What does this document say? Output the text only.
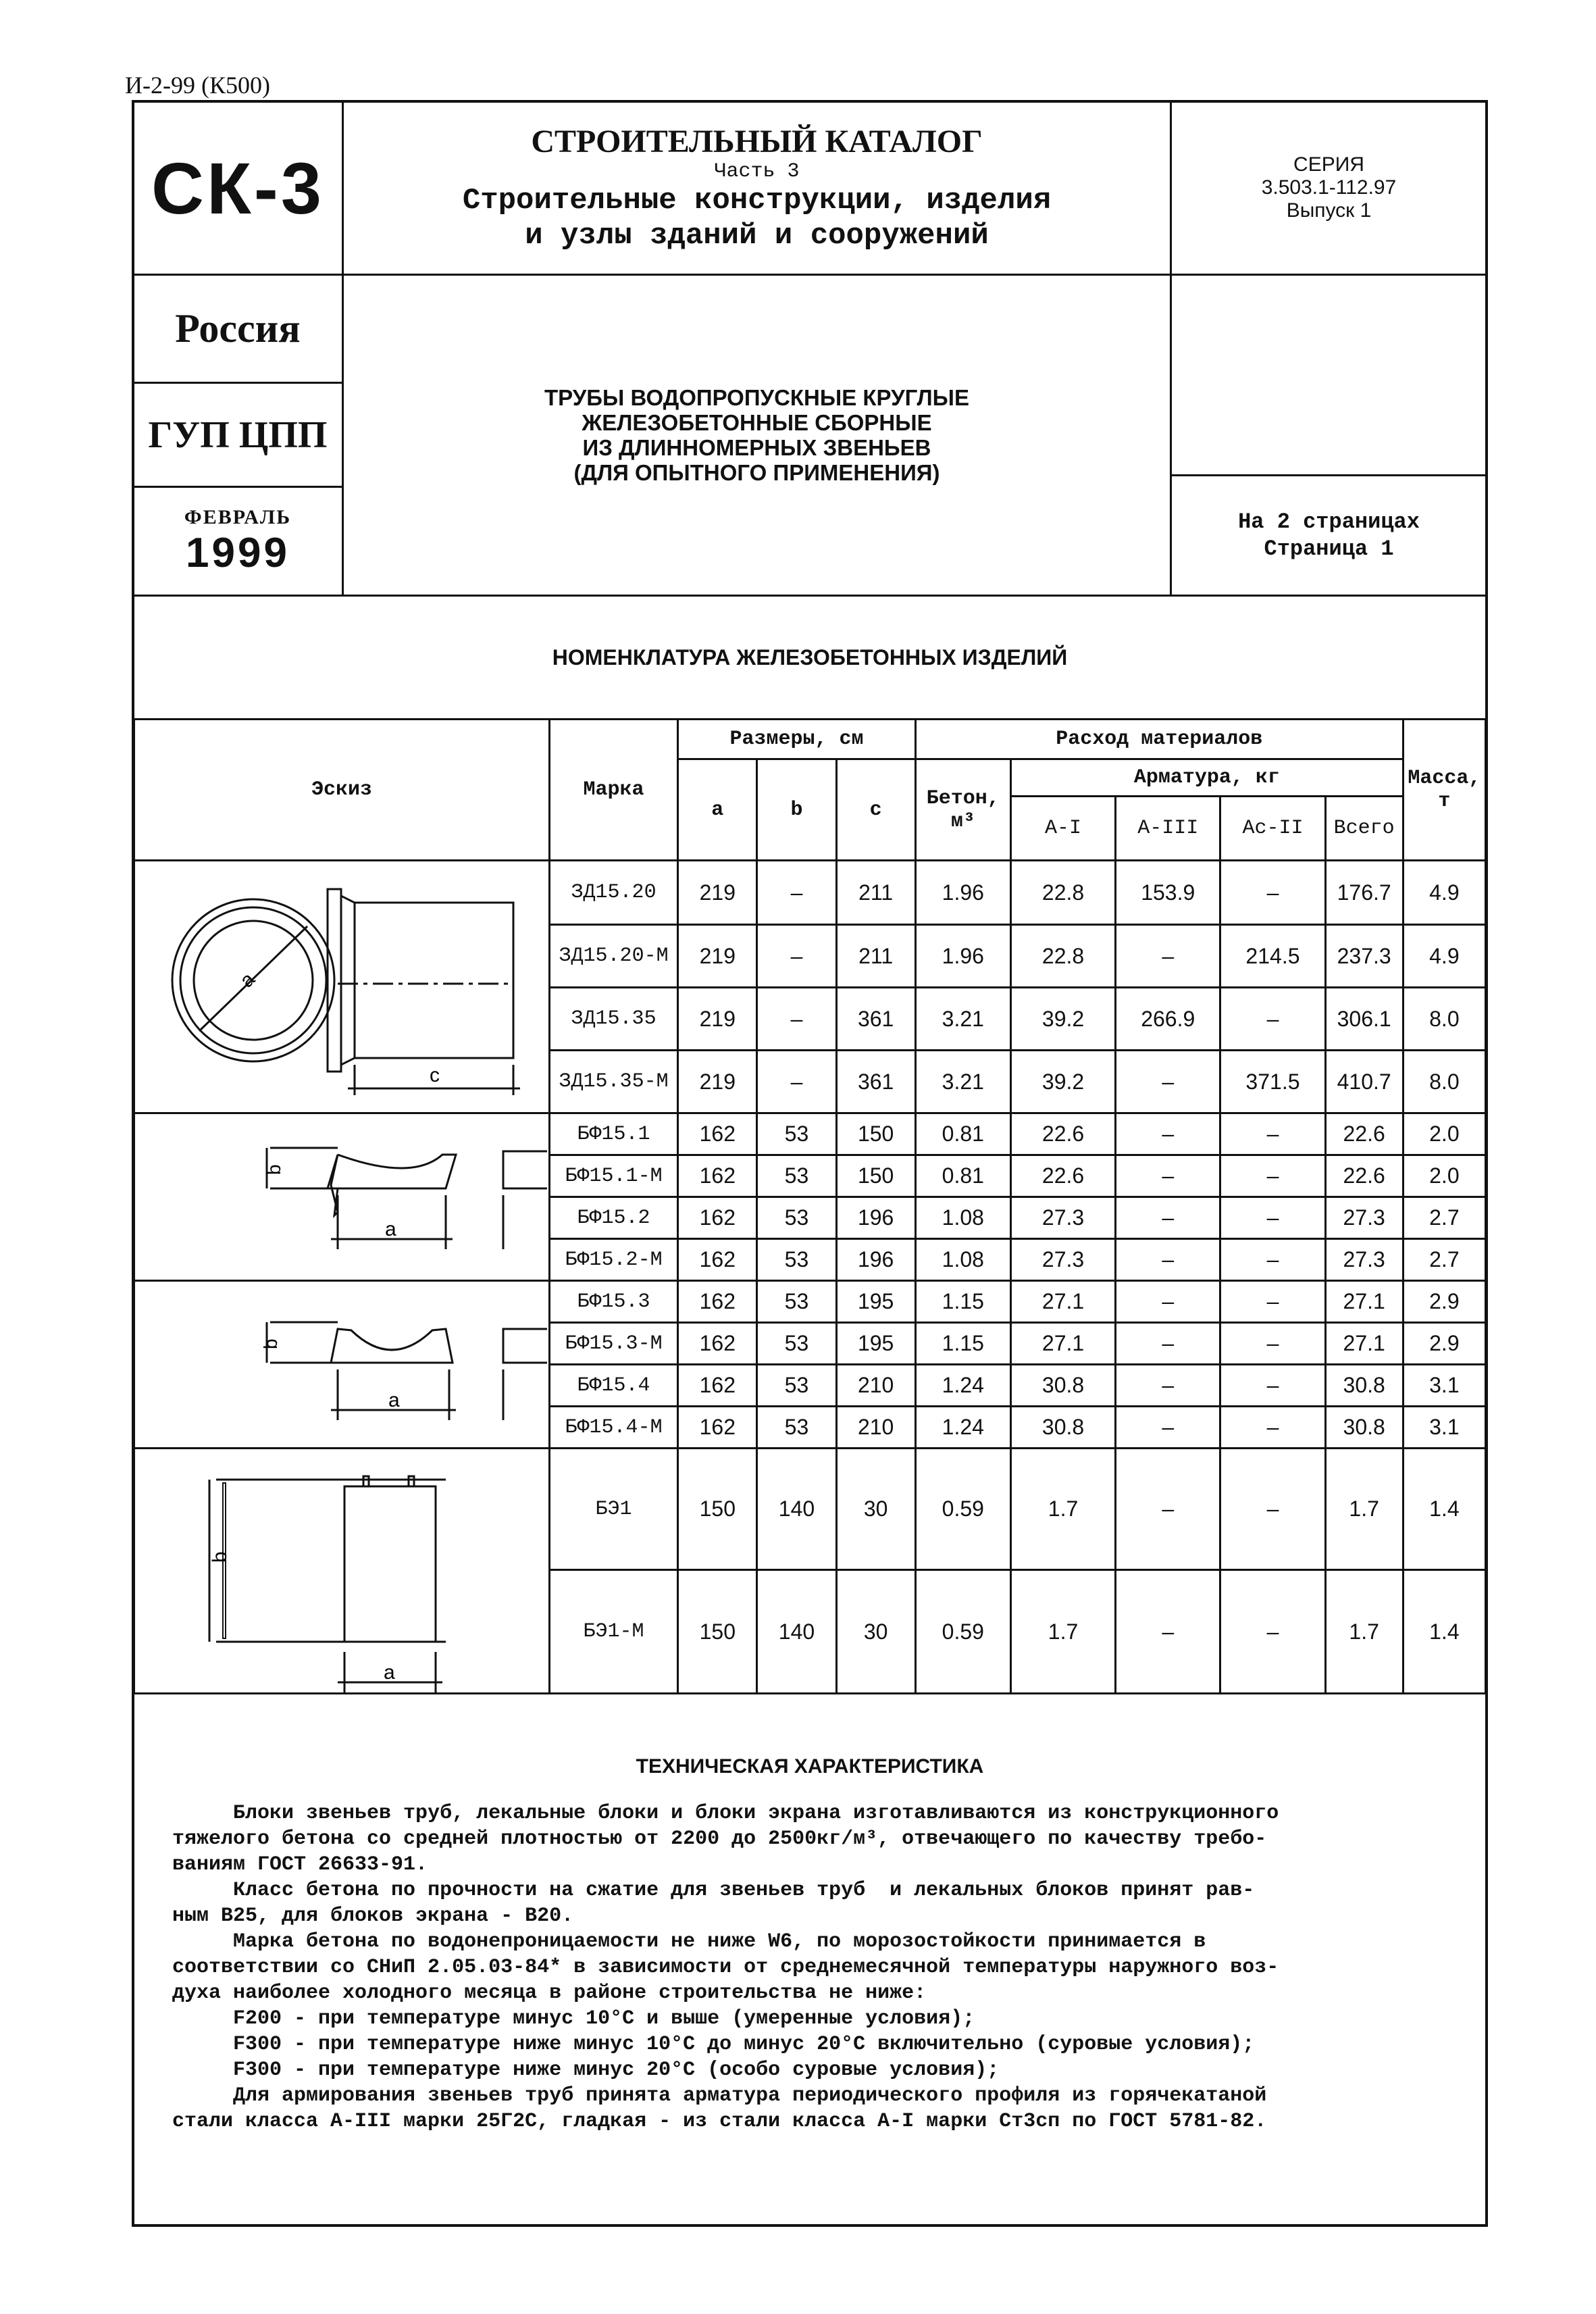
И-2-99 (К500)
СК-3
СТРОИТЕЛЬНЫЙ КАТАЛОГ
Часть 3
Строительные конструкции, изделия
и узлы зданий и сооружений
СЕРИЯ
3.503.1-112.97
Выпуск 1
Россия
ГУП ЦПП
ФЕВРАЛЬ
1999
ТРУБЫ ВОДОПРОПУСКНЫЕ КРУГЛЫЕ
ЖЕЛЕЗОБЕТОННЫЕ СБОРНЫЕ
ИЗ ДЛИННОМЕРНЫХ ЗВЕНЬЕВ
(ДЛЯ ОПЫТНОГО ПРИМЕНЕНИЯ)
На 2 страницах
Страница 1
НОМЕНКЛАТУРА ЖЕЛЕЗОБЕТОННЫХ ИЗДЕЛИЙ
Эскиз	Марка	Размеры, см			Расход материалов					Масса,
т

		a	b	c	Бетон,
м³	Арматура, кг				
						А-I	А-III	Ас-II	Всего	

a
c	ЗД15.20	219	–	211	1.96	22.8	153.9	–	176.7	4.9
	ЗД15.20-М	219	–	211	1.96	22.8	–	214.5	237.3	4.9
	ЗД15.35	219	–	361	3.21	39.2	266.9	–	306.1	8.0
	ЗД15.35-М	219	–	361	3.21	39.2	–	371.5	410.7	8.0

b
a	БФ15.1	162	53	150	0.81	22.6	–	–	22.6	2.0
	БФ15.1-М	162	53	150	0.81	22.6	–	–	22.6	2.0
	БФ15.2	162	53	196	1.08	27.3	–	–	27.3	2.7
	БФ15.2-М	162	53	196	1.08	27.3	–	–	27.3	2.7

b
a	БФ15.3	162	53	195	1.15	27.1	–	–	27.1	2.9
	БФ15.3-М	162	53	195	1.15	27.1	–	–	27.1	2.9
	БФ15.4	162	53	210	1.24	30.8	–	–	30.8	3.1
	БФ15.4-М	162	53	210	1.24	30.8	–	–	30.8	3.1

b
a	БЭ1	150	140	30	0.59	1.7	–	–	1.7	1.4
	БЭ1-М	150	140	30	0.59	1.7	–	–	1.7	1.4
ТЕХНИЧЕСКАЯ ХАРАКТЕРИСТИКА

Блоки звеньев труб, лекальные блоки и блоки экрана изготавливаются из конструкционного

тяжелого бетона со средней плотностью от 2200 до 2500кг/м³, отвечающего по качеству требо-

ваниям ГОСТ 26633-91.

Класс бетона по прочности на сжатие для звеньев труб  и лекальных блоков принят рав-

ным В25, для блоков экрана - В20.

Марка бетона по водонепроницаемости не ниже W6, по морозостойкости принимается в

соответствии со СНиП 2.05.03-84* в зависимости от среднемесячной температуры наружного воз-

духа наиболее холодного месяца в районе строительства не ниже:

F200 - при температуре минус 10°С и выше (умеренные условия);

F300 - при температуре ниже минус 10°С до минус 20°С включительно (суровые условия);

F300 - при температуре ниже минус 20°С (особо суровые условия);

Для армирования звеньев труб принята арматура периодического профиля из горячекатаной

стали класса А-III марки 25Г2С, гладкая - из стали класса А-I марки Ст3сп по ГОСТ 5781-82.
